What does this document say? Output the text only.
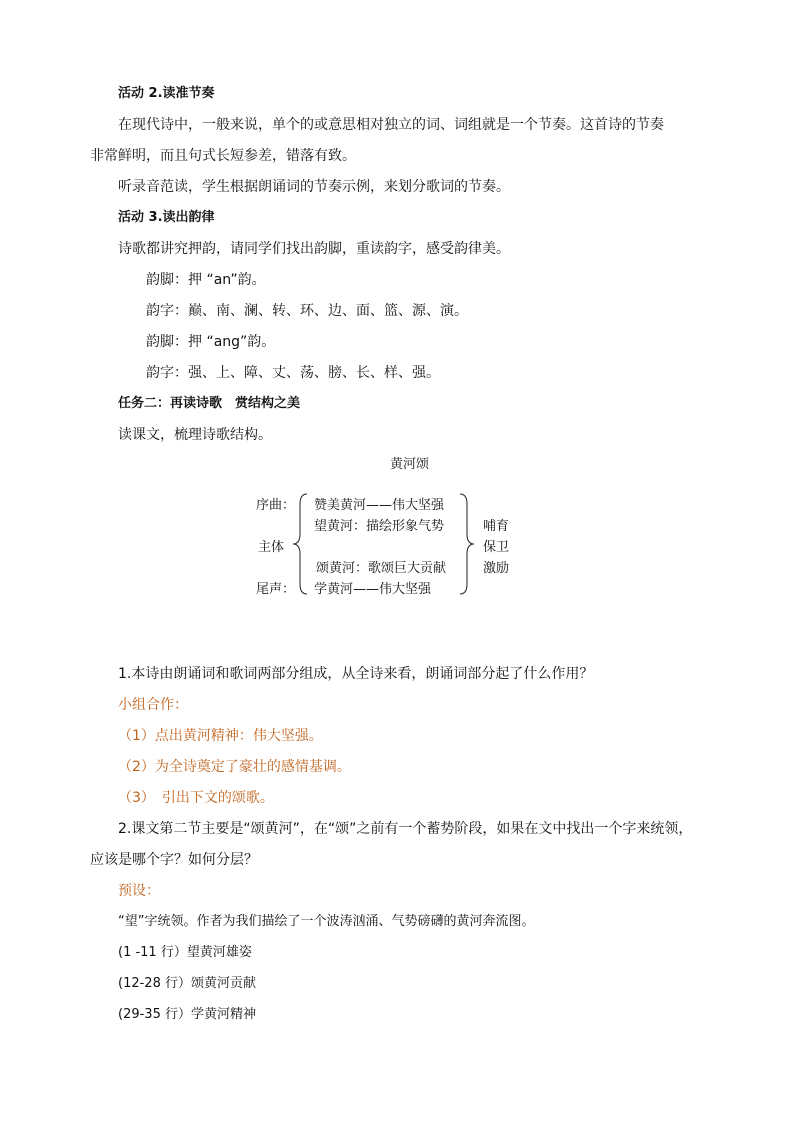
活动 2.读准节奏
在现代诗中，一般来说，单个的或意思相对独立的词、词组就是一个节奏。这首诗的节奏
非常鲜明，而且句式长短参差，错落有致。
听录音范读，学生根据朗诵词的节奏示例，来划分歌词的节奏。
活动 3.读出韵律
诗歌都讲究押韵，请同学们找出韵脚，重读韵字，感受韵律美。
韵脚：押 “an”韵。
韵字：巅、南、澜、转、环、边、面、篮、源、演。
韵脚：押 “ang”韵。
韵字：强、上、障、丈、荡、膀、长、样、强。
任务二：再读诗歌　赏结构之美
读课文，梳理诗歌结构。
黄河颂
序曲：
主体
尾声：
赞美黄河——伟大坚强
望黄河：描绘形象气势
颂黄河：歌颂巨大贡献
学黄河——伟大坚强
哺育
保卫
激励
1.本诗由朗诵词和歌词两部分组成，从全诗来看，朗诵词部分起了什么作用？
小组合作：
（1）点出黄河精神：伟大坚强。
（2）为全诗奠定了豪壮的感情基调。
（3）　引出下文的颂歌。
2.课文第二节主要是“颂黄河”，在“颂”之前有一个蓄势阶段，如果在文中找出一个字来统领，
应该是哪个字？如何分层？
预设：
“望”字统领。作者为我们描绘了一个波涛汹涌、气势磅礴的黄河奔流图。
(1 -11 行）望黄河雄姿
(12-28 行）颂黄河贡献
(29-35 行）学黄河精神
